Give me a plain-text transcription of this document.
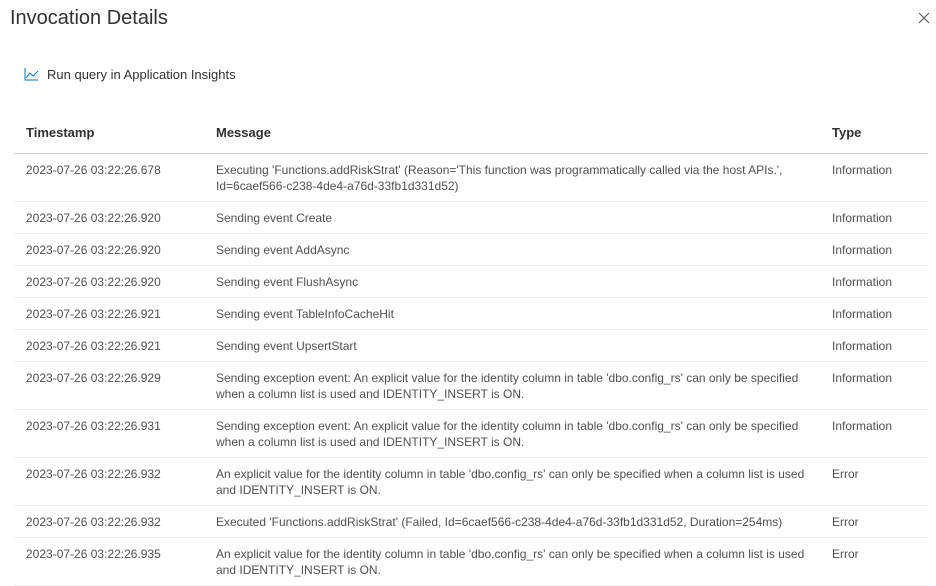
Invocation Details
Run query in Application Insights
Timestamp	Message	Type
2023-07-26 03:22:26.678	Executing 'Functions.addRiskStrat' (Reason='This function was programmatically called via the host APIs.', Id=6caef566-c238-4de4-a76d-33fb1d331d52)	Information
2023-07-26 03:22:26.920	Sending event Create	Information
2023-07-26 03:22:26.920	Sending event AddAsync	Information
2023-07-26 03:22:26.920	Sending event FlushAsync	Information
2023-07-26 03:22:26.921	Sending event TableInfoCacheHit	Information
2023-07-26 03:22:26.921	Sending event UpsertStart	Information
2023-07-26 03:22:26.929	Sending exception event: An explicit value for the identity column in table 'dbo.config_rs' can only be specified when a column list is used and IDENTITY_INSERT is ON.	Information
2023-07-26 03:22:26.931	Sending exception event: An explicit value for the identity column in table 'dbo.config_rs' can only be specified when a column list is used and IDENTITY_INSERT is ON.	Information
2023-07-26 03:22:26.932	An explicit value for the identity column in table 'dbo.config_rs' can only be specified when a column list is used and IDENTITY_INSERT is ON.	Error
2023-07-26 03:22:26.932	Executed 'Functions.addRiskStrat' (Failed, Id=6caef566-c238-4de4-a76d-33fb1d331d52, Duration=254ms)	Error
2023-07-26 03:22:26.935	An explicit value for the identity column in table 'dbo.config_rs' can only be specified when a column list is used and IDENTITY_INSERT is ON.	Error
